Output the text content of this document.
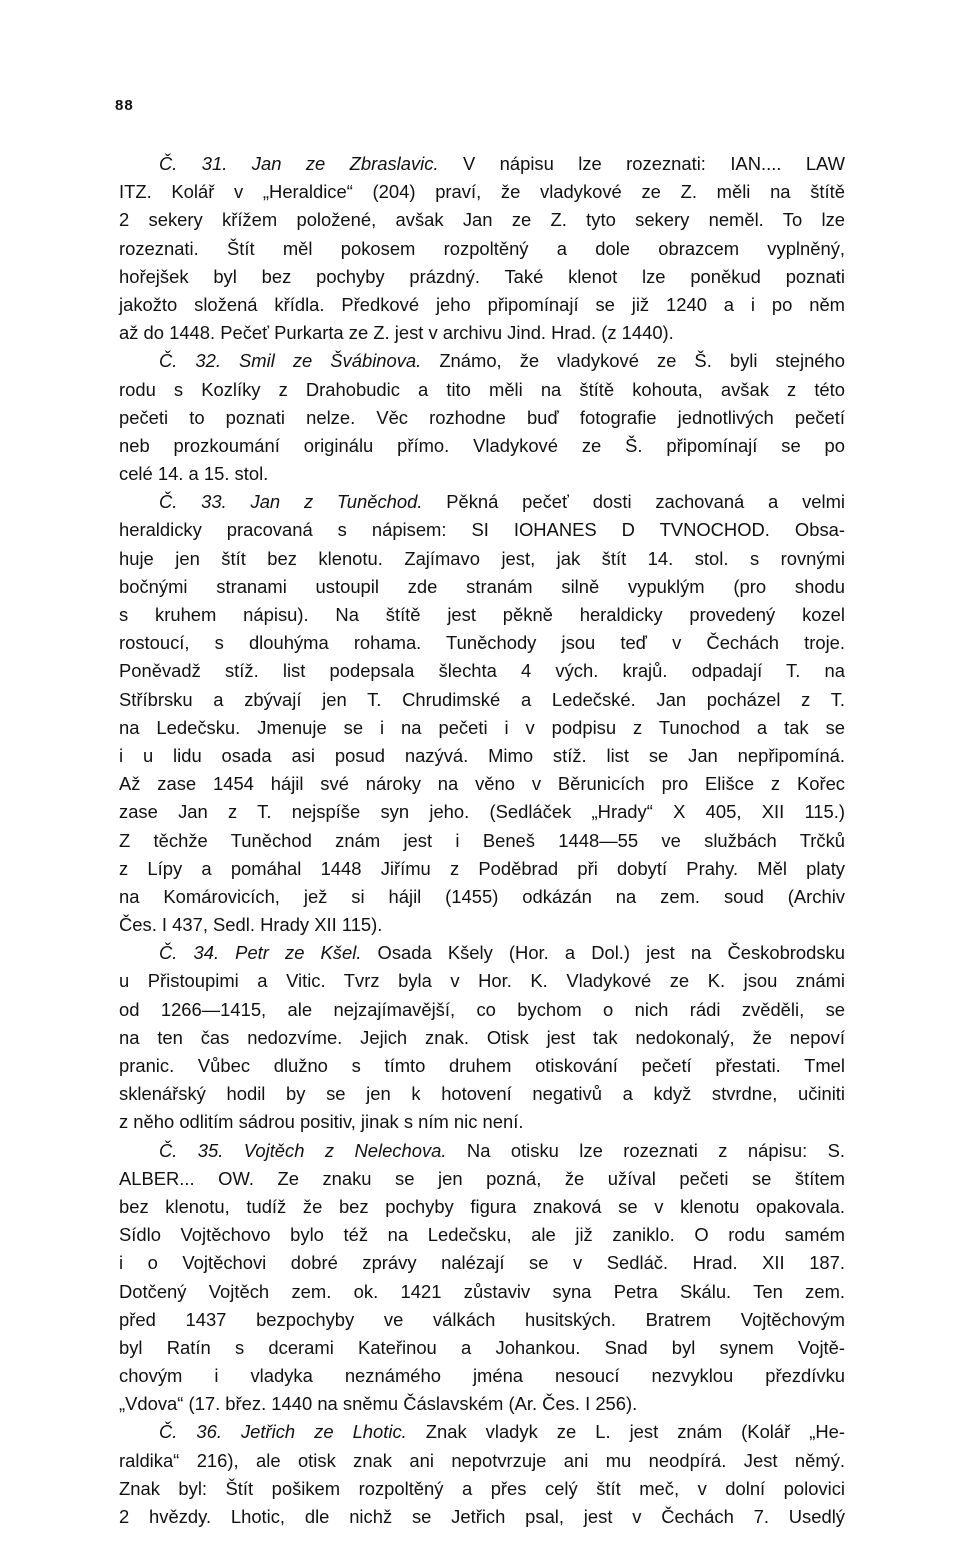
88
Č. 31. Jan ze Zbraslavic. V nápisu lze rozeznati: IAN.... LAW
ITZ. Kolář v „Heraldice“ (204) praví, že vladykové ze Z. měli na štítě
2 sekery křížem položené, avšak Jan ze Z. tyto sekery neměl. To lze
rozeznati. Štít měl pokosem rozpoltěný a dole obrazcem vyplněný,
hořejšek byl bez pochyby prázdný. Také klenot lze poněkud poznati
jakožto složená křídla. Předkové jeho připomínají se již 1240 a i po něm
až do 1448. Pečeť Purkarta ze Z. jest v archivu Jind. Hrad. (z 1440).
Č. 32. Smil ze Švábinova. Známo, že vladykové ze Š. byli stejného
rodu s Kozlíky z Drahobudic a tito měli na štítě kohouta, avšak z této
pečeti to poznati nelze. Věc rozhodne buď fotografie jednotlivých pečetí
neb prozkoumání originálu přímo. Vladykové ze Š. připomínají se po
celé 14. a 15. stol.
Č. 33. Jan z Tuněchod. Pěkná pečeť dosti zachovaná a velmi
heraldicky pracovaná s nápisem: SI IOHANES D TVNOCHOD. Obsa-
huje jen štít bez klenotu. Zajímavo jest, jak štít 14. stol. s rovnými
bočnými stranami ustoupil zde stranám silně vypuklým (pro shodu
s kruhem nápisu). Na štítě jest pěkně heraldicky provedený kozel
rostoucí, s dlouhýma rohama. Tuněchody jsou teď v Čechách troje.
Poněvadž stíž. list podepsala šlechta 4 vých. krajů. odpadají T. na
Stříbrsku a zbývají jen T. Chrudimské a Ledečské. Jan pocházel z T.
na Ledečsku. Jmenuje se i na pečeti i v podpisu z Tunochod a tak se
i u lidu osada asi posud nazývá. Mimo stíž. list se Jan nepřipomíná.
Až zase 1454 hájil své nároky na věno v Běrunicích pro Elišce z Kořec
zase Jan z T. nejspíše syn jeho. (Sedláček „Hrady“ X 405, XII 115.)
Z těchže Tuněchod znám jest i Beneš 1448—55 ve službách Trčků
z Lípy a pomáhal 1448 Jiřímu z Poděbrad při dobytí Prahy. Měl platy
na Komárovicích, jež si hájil (1455) odkázán na zem. soud (Archiv
Čes. I 437, Sedl. Hrady XII 115).
Č. 34. Petr ze Kšel. Osada Kšely (Hor. a Dol.) jest na Českobrodsku
u Přistoupimi a Vitic. Tvrz byla v Hor. K. Vladykové ze K. jsou známi
od 1266—1415, ale nejzajímavější, co bychom o nich rádi zvěděli, se
na ten čas nedozvíme. Jejich znak. Otisk jest tak nedokonalý, že nepoví
pranic. Vůbec dlužno s tímto druhem otiskování pečetí přestati. Tmel
sklenářský hodil by se jen k hotovení negativů a když stvrdne, učiniti
z něho odlitím sádrou positiv, jinak s ním nic není.
Č. 35. Vojtěch z Nelechova. Na otisku lze rozeznati z nápisu: S.
ALBER... OW. Ze znaku se jen pozná, že užíval pečeti se štítem
bez klenotu, tudíž že bez pochyby figura znaková se v klenotu opakovala.
Sídlo Vojtěchovo bylo též na Ledečsku, ale již zaniklo. O rodu samém
i o Vojtěchovi dobré zprávy nalézají se v Sedláč. Hrad. XII 187.
Dotčený Vojtěch zem. ok. 1421 zůstaviv syna Petra Skálu. Ten zem.
před 1437 bezpochyby ve válkách husitských. Bratrem Vojtěchovým
byl Ratín s dcerami Kateřinou a Johankou. Snad byl synem Vojtě-
chovým i vladyka neznámého jména nesoucí nezvyklou přezdívku
„Vdova“ (17. břez. 1440 na sněmu Čáslavském (Ar. Čes. I 256).
Č. 36. Jetřich ze Lhotic. Znak vladyk ze L. jest znám (Kolář „He-
raldika“ 216), ale otisk znak ani nepotvrzuje ani mu neodpírá. Jest němý.
Znak byl: Štít pošikem rozpoltěný a přes celý štít meč, v dolní polovici
2 hvězdy. Lhotic, dle nichž se Jetřich psal, jest v Čechách 7. Usedlý
